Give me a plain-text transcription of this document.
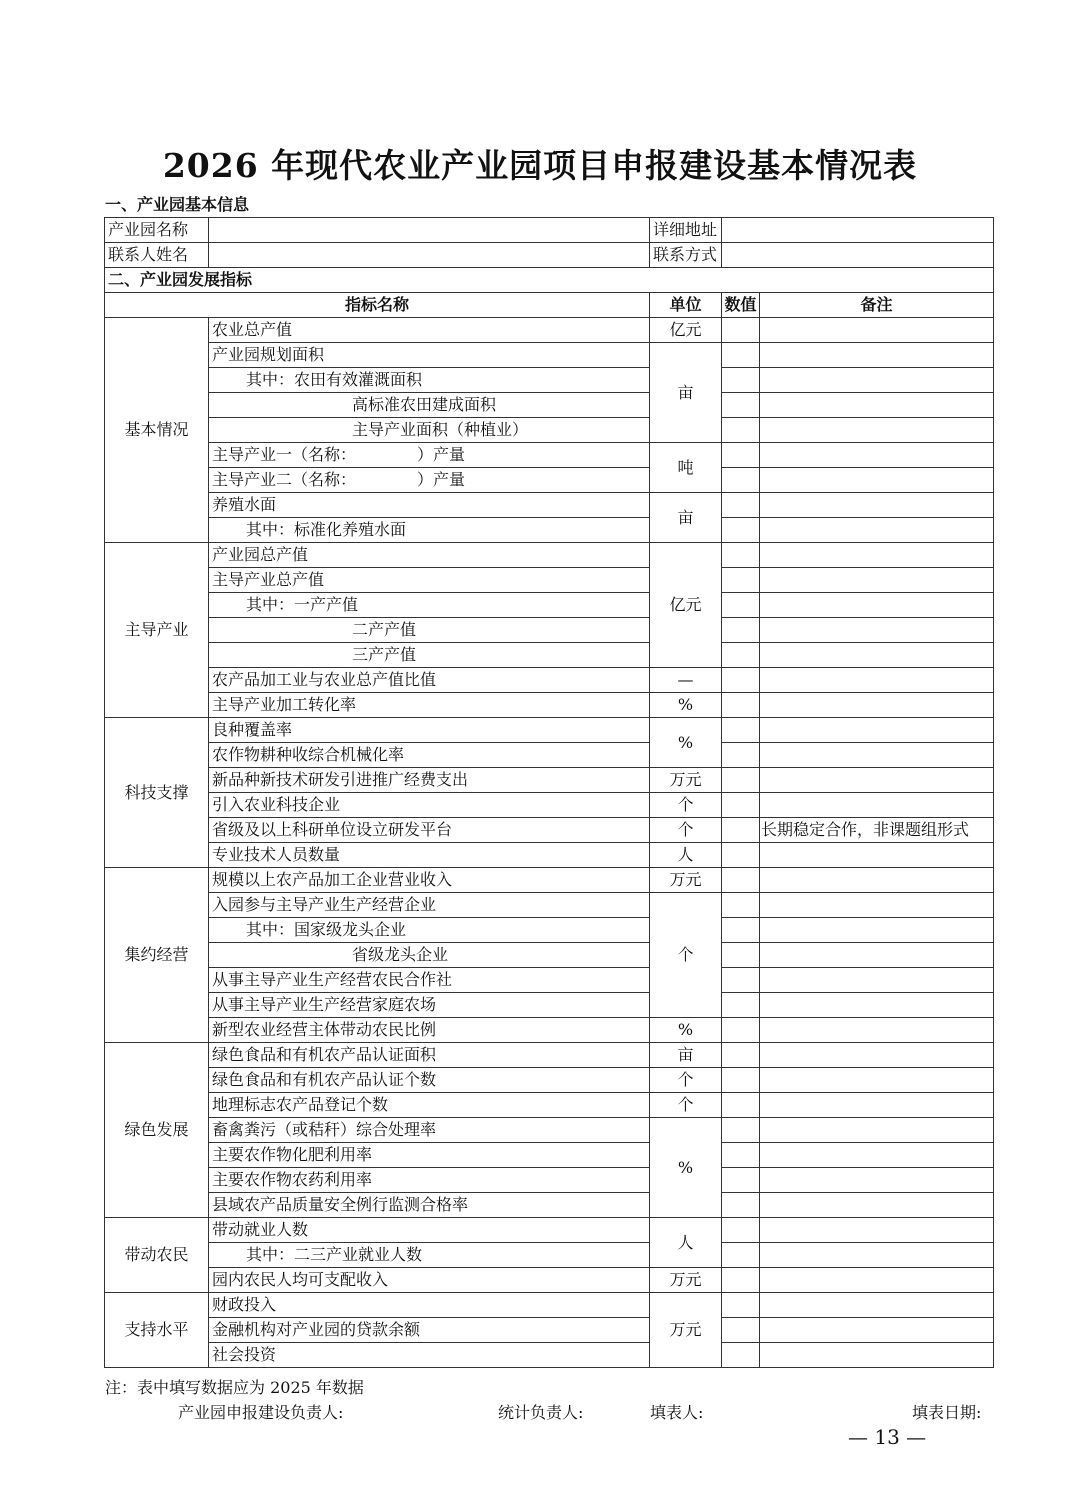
2026 年现代农业产业园项目申报建设基本情况表
一、产业园基本信息
产业园名称		详细地址		
联系人姓名		联系方式		
二、产业园发展指标				
指标名称		单位	数值	备注
基本情况	农业总产值	亿元		
	产业园规划面积	亩		
	其中：农田有效灌溉面积			
	高标准农田建成面积			
	主导产业面积（种植业）			
	主导产业一（名称：            ）产量	吨		
	主导产业二（名称：            ）产量			
	养殖水面	亩		
	其中：标准化养殖水面			
主导产业	产业园总产值	亿元		
	主导产业总产值			
	其中：一产产值			
	二产产值			
	三产产值			
	农产品加工业与农业总产值比值	—		
	主导产业加工转化率	%		
科技支撑	良种覆盖率	%		
	农作物耕种收综合机械化率			
	新品种新技术研发引进推广经费支出	万元		
	引入农业科技企业	个		
	省级及以上科研单位设立研发平台	个		长期稳定合作，非课题组形式
	专业技术人员数量	人		
集约经营	规模以上农产品加工企业营业收入	万元		
	入园参与主导产业生产经营企业	个		
	其中：国家级龙头企业			
	省级龙头企业			
	从事主导产业生产经营农民合作社			
	从事主导产业生产经营家庭农场			
	新型农业经营主体带动农民比例	%		
绿色发展	绿色食品和有机农产品认证面积	亩		
	绿色食品和有机农产品认证个数	个		
	地理标志农产品登记个数	个		
	畜禽粪污（或秸秆）综合处理率	%		
	主要农作物化肥利用率			
	主要农作物农药利用率			
	县域农产品质量安全例行监测合格率			
带动农民	带动就业人数	人		
	其中：二三产业就业人数			
	园内农民人均可支配收入	万元		
支持水平	财政投入	万元		
	金融机构对产业园的贷款余额			
	社会投资			
注：表中填写数据应为 2025 年数据
产业园申报建设负责人:	统计负责人:	填表人:	填表日期:
— 13 —
